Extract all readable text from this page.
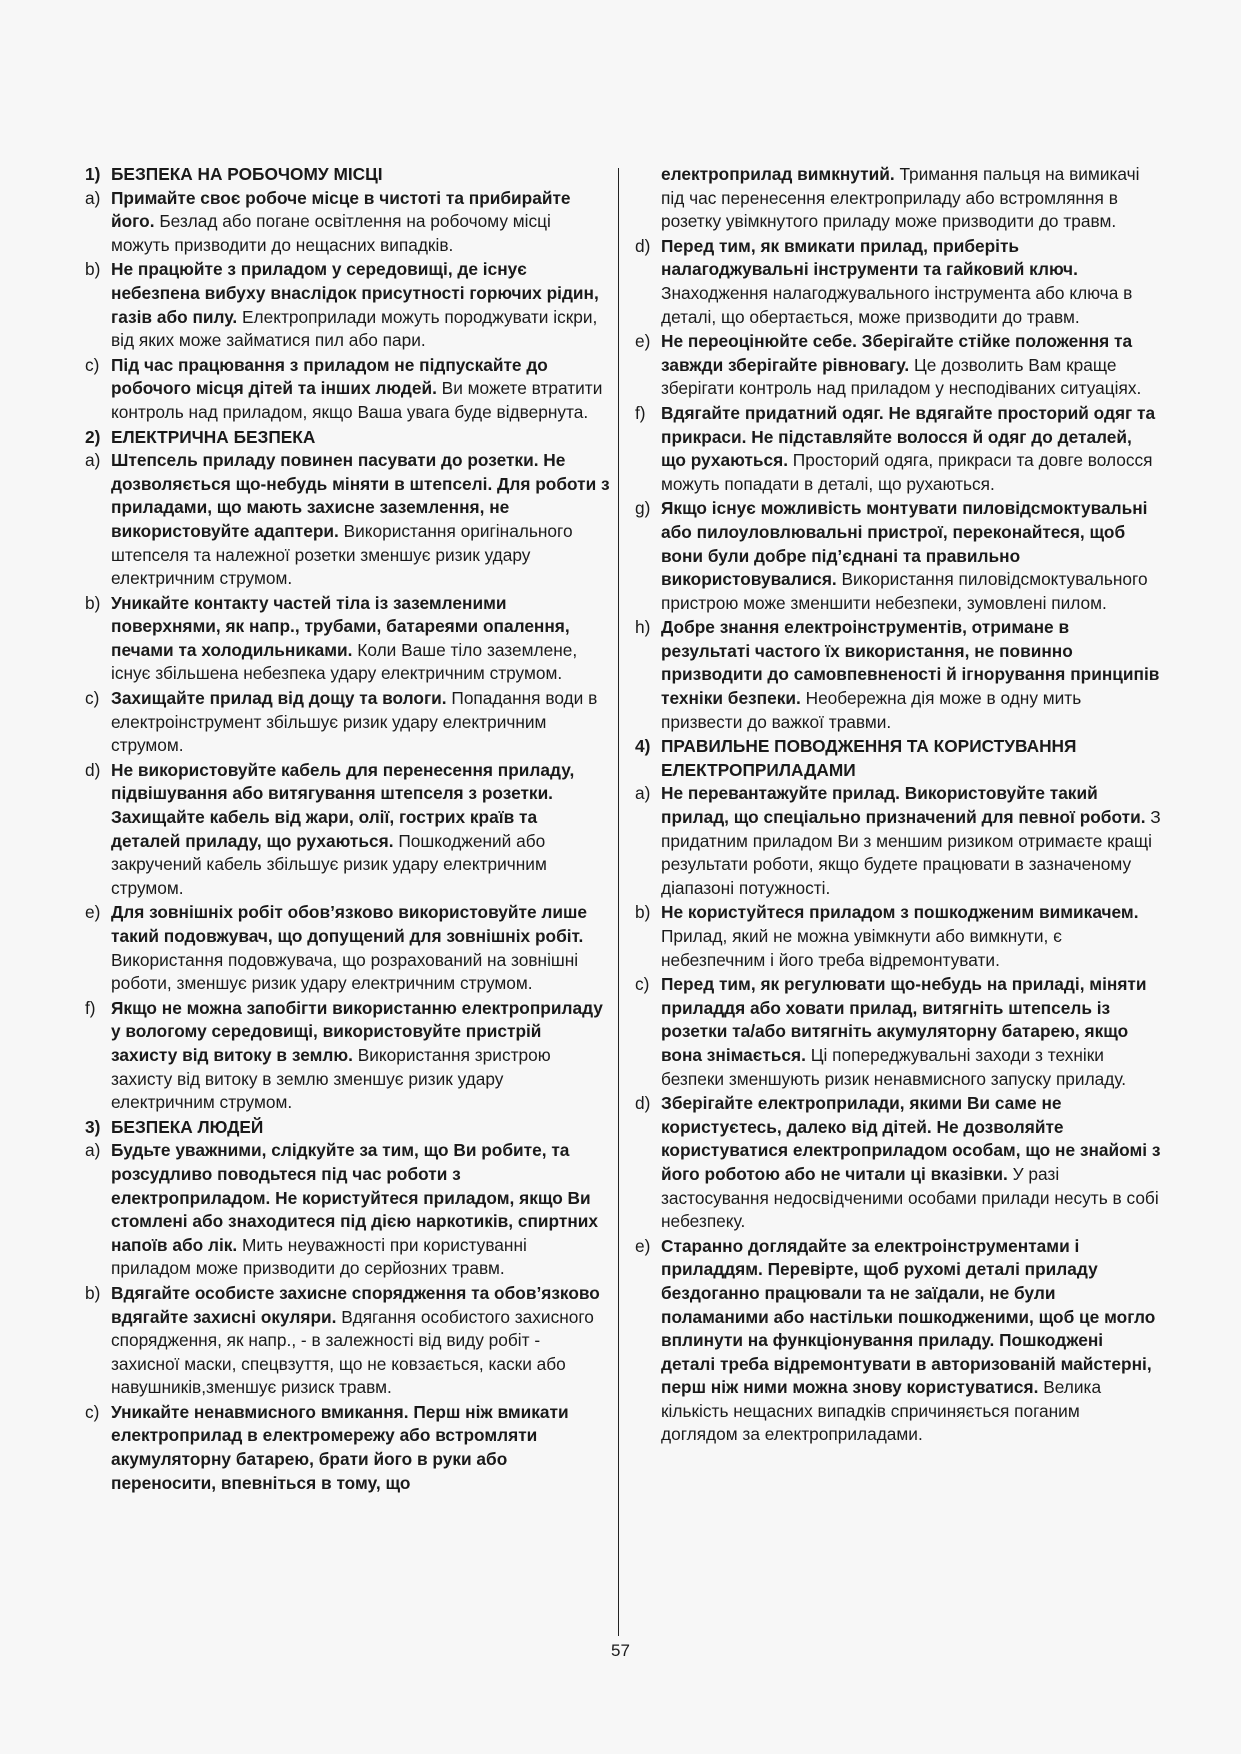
1) БЕЗПЕКА НА РОБОЧОМУ МІСЦІ

a) Примайте своє робоче місце в чистоті та прибирайте його. Безлад або погане освітлення на робочому місці можуть призводити до нещасних випадків.

b) Не працюйте з приладом у середовищі, де існує небезпена вибуху внаслідок присутності горючих рідин, газів або пилу. Електроприлади можуть породжувати іскри, від яких може займатися пил або пари.

c) Під час працювання з приладом не підпускайте до робочого місця дітей та інших людей. Ви можете втратити контроль над приладом, якщо Ваша увага буде відвернута.

2) ЕЛЕКТРИЧНА БЕЗПЕКА

a) Штепсель приладу повинен пасувати до розетки. Не дозволяється що-небудь міняти в штепселі. Для роботи з приладами, що мають захисне заземлення, не використовуйте адаптери. Використання оригінального штепселя та належної розетки зменшує ризик удару електричним струмом.

b) Уникайте контакту частей тіла із заземленими поверхнями, як напр., трубами, батареями опалення, печами та холодильниками. Коли Ваше тіло заземлене, існує збільшена небезпека удару електричним струмом.

c) Захищайте прилад від дощу та вологи. Попадання води в електроінструмент збільшує ризик удару електричним струмом.

d) Не використовуйте кабель для перенесення приладу, підвішування або витягування штепселя з розетки. Захищайте кабель від жари, олії, гострих країв та деталей приладу, що рухаються. Пошкоджений або закручений кабель збільшує ризик удару електричним струмом.

e) Для зовнішніх робіт обов’язково використовуйте лише такий подовжувач, що допущений для зовнішніх робіт. Використання подовжувача, що розрахований на зовнішні роботи, зменшує ризик удару електричним струмом.

f) Якщо не можна запобігти використанню електроприладу у вологому середовищі, використовуйте пристрій захисту від витоку в землю. Використання зристрою захисту від витоку в землю зменшує ризик удару електричним струмом.

3) БЕЗПЕКА ЛЮДЕЙ

a) Будьте уважними, слідкуйте за тим, що Ви робите, та розсудливо поводьтеся під час роботи з електроприладом. Не користуйтеся приладом, якщо Ви стомлені або знаходитеся під дією наркотиків, спиртних напоїв або лік. Мить неуважності при користуванні приладом може призводити до серйозних травм.

b) Вдягайте особисте захисне спорядження та обов’язково вдягайте захисні окуляри. Вдягання особистого захисного спорядження, як напр., - в залежності від виду робіт - захисної маски, спецвзуття, що не ковзається, каски або навушників,зменшує ризиск травм.

c) Уникайте ненавмисного вмикання. Перш ніж вмикати електроприлад в електромережу або встромляти акумуляторну батарею, брати його в руки або переносити, впевніться в тому, що

електроприлад вимкнутий. Тримання пальця на вимикачі під час перенесення електроприладу або встромляння в розетку увімкнутого приладу може призводити до травм.

d) Перед тим, як вмикати прилад, приберіть налагоджувальні інструменти та гайковий ключ. Знаходження налагоджувального інструмента або ключа в деталі, що обертається, може призводити до травм.

e) Не переоцінюйте себе. Зберігайте стійке положення та завжди зберігайте рівновагу. Це дозволить Вам краще зберігати контроль над приладом у несподіваних ситуаціях.

f) Вдягайте придатний одяг. Не вдягайте просторий одяг та прикраси. Не підставляйте волосся й одяг до деталей, що рухаються. Просторий одяга, прикраси та довге волосся можуть попадати в деталі, що рухаються.

g) Якщо існує можливість монтувати пиловідсмоктувальні або пилоуловлювальні пристрої, переконайтеся, щоб вони були добре під’єднані та правильно використовувалися. Використання пиловідсмоктувального пристрою може зменшити небезпеки, зумовлені пилом.

h) Добре знання електроінструментів, отримане в результаті частого їх використання, не повинно призводити до самовпевненості й ігнорування принципів техніки безпеки. Необережна дія може в одну мить призвести до важкої травми.

4) ПРАВИЛЬНЕ ПОВОДЖЕННЯ ТА КОРИСТУВАННЯ ЕЛЕКТРОПРИЛАДАМИ

a) Не перевантажуйте прилад. Використовуйте такий прилад, що спеціально призначений для певної роботи. З придатним приладом Ви з меншим ризиком отримаєте кращі результати роботи, якщо будете працювати в зазначеному діапазоні потужності.

b) Не користуйтеся приладом з пошкодженим вимикачем. Прилад, який не можна увімкнути або вимкнути, є небезпечним і його треба відремонтувати.

c) Перед тим, як регулювати що-небудь на приладі, міняти приладдя або ховати прилад, витягніть штепсель із розетки та/або витягніть акумуляторну батарею, якщо вона знімається. Ці попереджувальні заходи з техніки безпеки зменшують ризик ненавмисного запуску приладу.

d) Зберігайте електроприлади, якими Ви саме не користуєтесь, далеко від дітей. Не дозволяйте користуватися електроприладом особам, що не знайомі з його роботою або не читали ці вказівки. У разі застосування недосвідченими особами прилади несуть в собі небезпеку.

e) Старанно доглядайте за електроінструментами і приладдям. Перевірте, щоб рухомі деталі приладу бездоганно працювали та не заїдали, не були поламаними або настільки пошкодженими, щоб це могло вплинути на функціонування приладу. Пошкоджені деталі треба відремонтувати в авторизованій майстерні, перш ніж ними можна знову користуватися. Велика кількість нещасних випадків спричиняється поганим доглядом за електроприладами.

57
